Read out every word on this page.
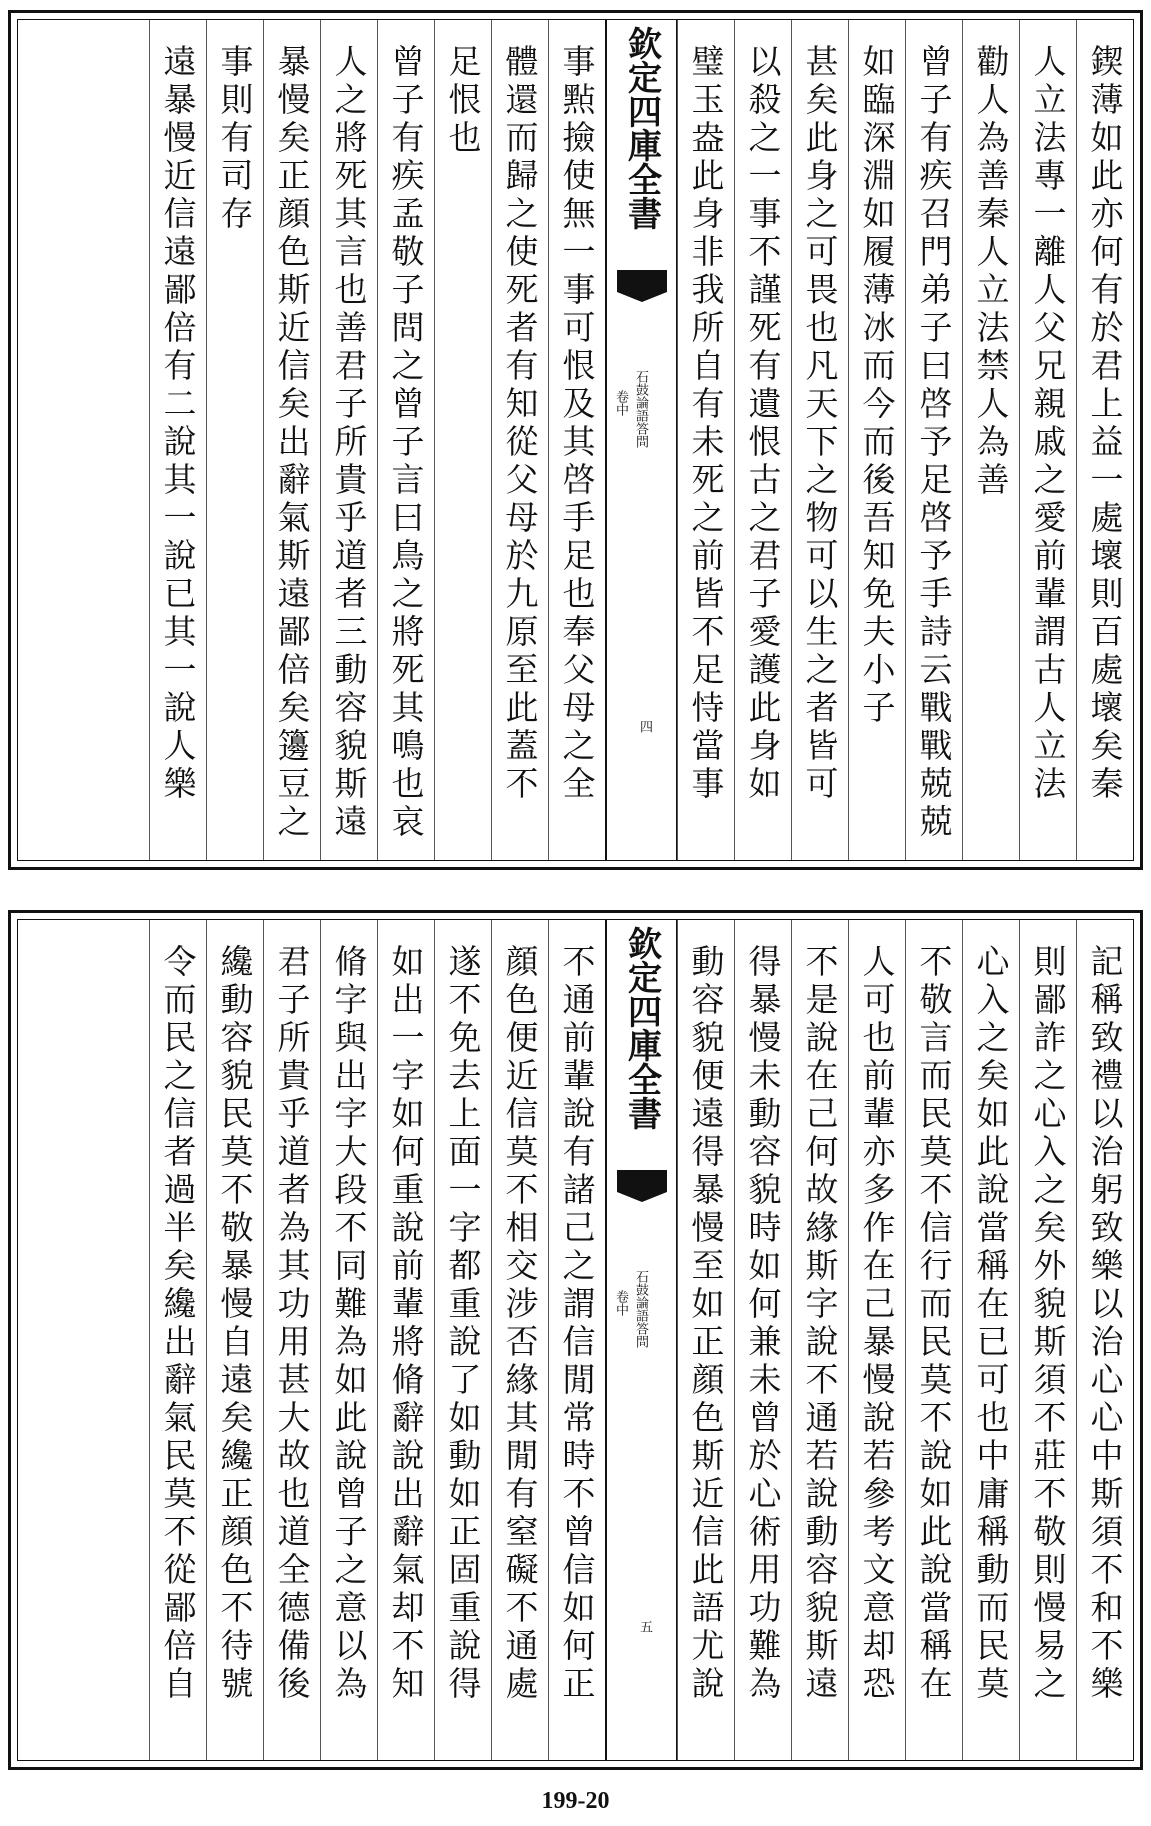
鍥薄如此亦何有於君上益一處壞則百處壞矣秦
人立法專一離人父兄親戚之愛前輩謂古人立法
勸人為善秦人立法禁人為善
曾子有疾召門弟子曰啓予足啓予手詩云戰戰兢兢
如臨深淵如履薄冰而今而後吾知免夫小子
甚矣此身之可畏也凡天下之物可以生之者皆可
以殺之一事不謹死有遺恨古之君子愛護此身如
璧玉盎此身非我所自有未死之前皆不足恃當事
欽定四庫全書
石鼓論語答問
卷中
四
事㸃撿使無一事可恨及其啓手足也奉父母之全
體還而歸之使死者有知從父母於九原至此蓋不
足恨也
曾子有疾孟敬子問之曾子言曰鳥之將死其鳴也哀
人之將死其言也善君子所貴乎道者三動容貌斯遠
暴慢矣正顔色斯近信矣出辭氣斯遠鄙倍矣籩豆之
事則有司存
遠暴慢近信遠鄙倍有二說其一說已其一說人樂
記稱致禮以治躬致樂以治心心中斯須不和不樂
則鄙詐之心入之矣外貌斯須不莊不敬則慢易之
心入之矣如此說當稱在已可也中庸稱動而民莫
不敬言而民莫不信行而民莫不說如此說當稱在
人可也前輩亦多作在己暴慢說若參考文意却恐
不是說在己何故緣斯字說不通若說動容貌斯遠
得暴慢未動容貌時如何兼未曾於心術用功難為
動容貌便遠得暴慢至如正顔色斯近信此語尤說
欽定四庫全書
石鼓論語答問
卷中
五
不通前輩說有諸己之謂信閒常時不曾信如何正
顔色便近信莫不相交涉否緣其閒有窒礙不通處
遂不免去上面一字都重說了如動如正固重說得
如出一字如何重說前輩將脩辭說出辭氣却不知
脩字與出字大段不同難為如此說曾子之意以為
君子所貴乎道者為其功用甚大故也道全德備後
纔動容貌民莫不敬暴慢自遠矣纔正顔色不待號
令而民之信者過半矣纔出辭氣民莫不從鄙倍自
199-20
